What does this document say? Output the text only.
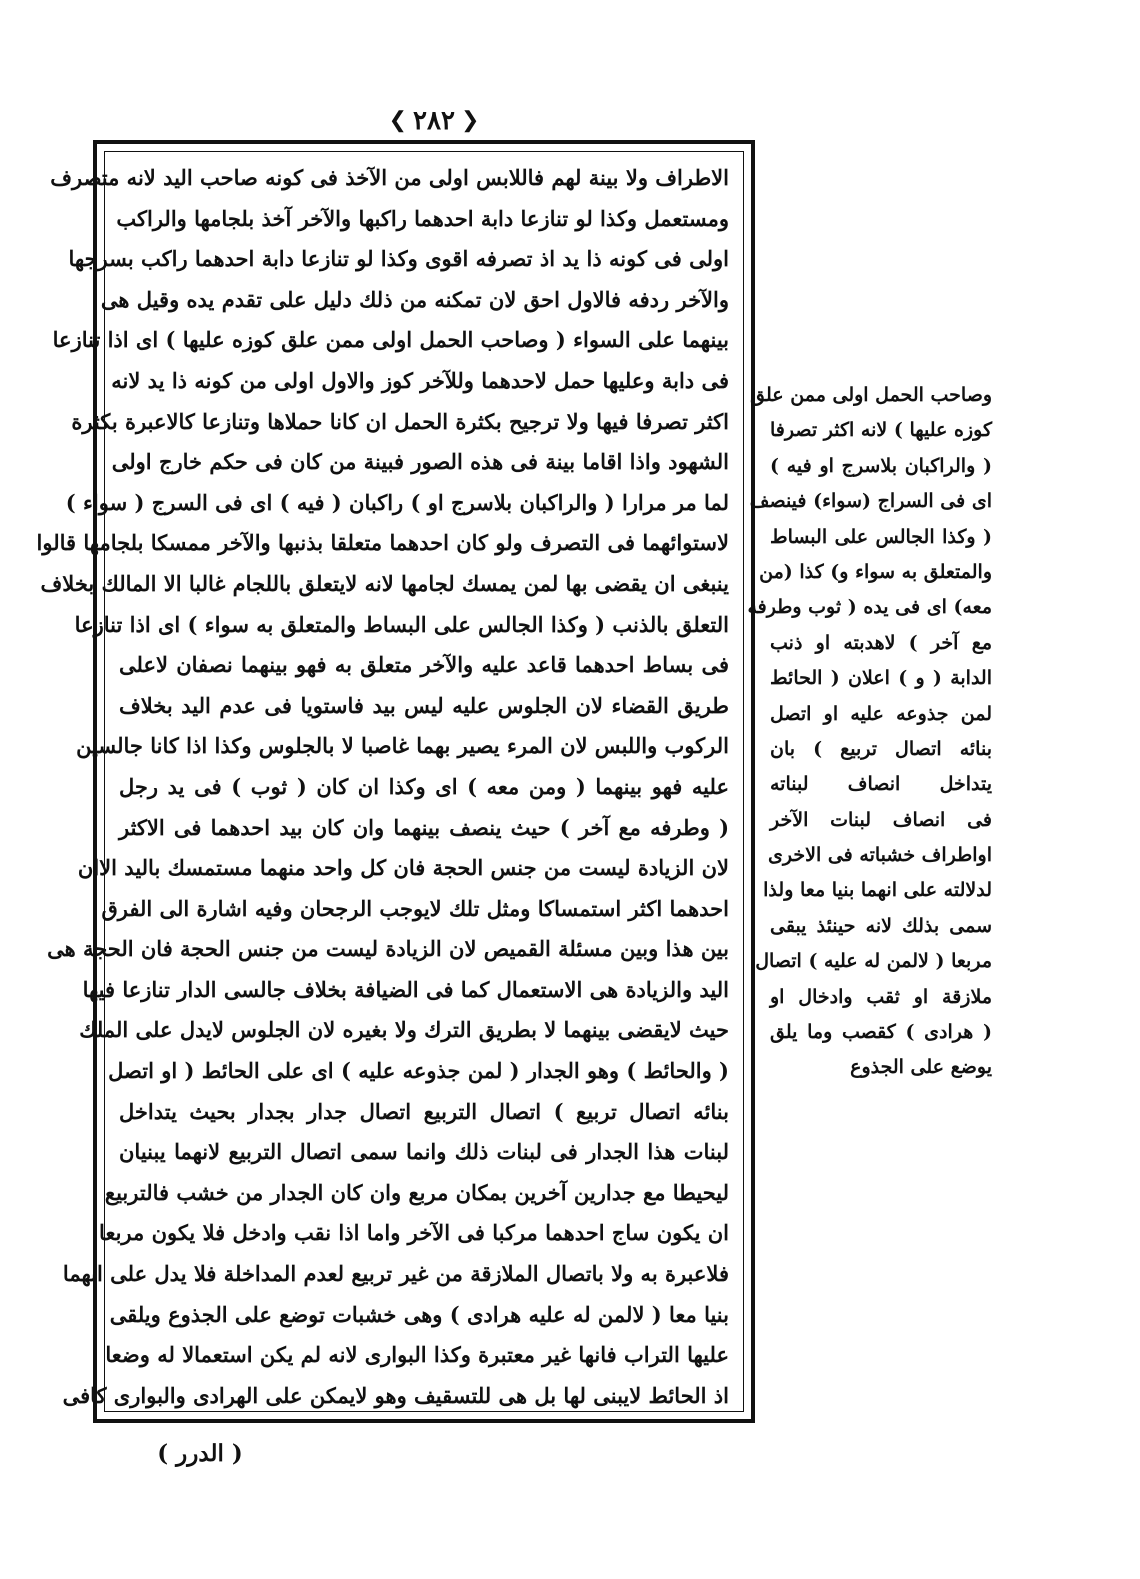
❮ ٢٨٢ ❯
الاطراف ولا بينة لهم فاللابس اولى من الآخذ فى كونه صاحب اليد لانه متصرف
ومستعمل وكذا لو تنازعا دابة احدهما راكبها والآخر آخذ بلجامها والراكب
اولى فى كونه ذا يد اذ تصرفه اقوى وكذا لو تنازعا دابة احدهما راكب بسرجها
والآخر ردفه فالاول احق لان تمكنه من ذلك دليل على تقدم يده وقيل هى
بينهما على السواء ( وصاحب الحمل اولى ممن علق كوزه عليها ) اى اذا تنازعا
فى دابة وعليها حمل لاحدهما وللآخر كوز والاول اولى من كونه ذا يد لانه
اكثر تصرفا فيها ولا ترجيح بكثرة الحمل ان كانا حملاها وتنازعا كالاعبرة بكثرة
الشهود واذا اقاما بينة فى هذه الصور فبينة من كان فى حكم خارج اولى
لما مر مرارا ( والراكبان بلاسرج او ) راكبان ( فيه ) اى فى السرج ( سواء )
لاستوائهما فى التصرف ولو كان احدهما متعلقا بذنبها والآخر ممسكا بلجامها قالوا
ينبغى ان يقضى بها لمن يمسك لجامها لانه لايتعلق باللجام غالبا الا المالك بخلاف
التعلق بالذنب ( وكذا الجالس على البساط والمتعلق به سواء ) اى اذا تنازعا
فى بساط احدهما قاعد عليه والآخر متعلق به فهو بينهما نصفان لاعلى
طريق القضاء لان الجلوس عليه ليس بيد فاستويا فى عدم اليد بخلاف
الركوب واللبس لان المرء يصير بهما غاصبا لا بالجلوس وكذا اذا كانا جالسين
عليه فهو بينهما ( ومن معه ) اى وكذا ان كان ( ثوب ) فى يد رجل
( وطرفه مع آخر ) حيث ينصف بينهما وان كان بيد احدهما فى الاكثر
لان الزيادة ليست من جنس الحجة فان كل واحد منهما مستمسك باليد الاان
احدهما اكثر استمساكا ومثل تلك لايوجب الرجحان وفيه اشارة الى الفرق
بين هذا وبين مسئلة القميص لان الزيادة ليست من جنس الحجة فان الحجة هى
اليد والزيادة هى الاستعمال كما فى الضيافة بخلاف جالسى الدار تنازعا فيها
حيث لايقضى بينهما لا بطريق الترك ولا بغيره لان الجلوس لايدل على الملك
( والحائط ) وهو الجدار ( لمن جذوعه عليه ) اى على الحائط ( او اتصل
بنائه اتصال تربيع ) اتصال التربيع اتصال جدار بجدار بحيث يتداخل
لبنات هذا الجدار فى لبنات ذلك وانما سمى اتصال التربيع لانهما يبنيان
ليحيطا مع جدارين آخرين بمكان مربع وان كان الجدار من خشب فالتربيع
ان يكون ساج احدهما مركبا فى الآخر واما اذا نقب وادخل فلا يكون مربعا
فلاعبرة به ولا باتصال الملازقة من غير تربيع لعدم المداخلة فلا يدل على انهما
بنيا معا ( لالمن له عليه هرادى ) وهى خشبات توضع على الجذوع ويلقى
عليها التراب فانها غير معتبرة وكذا البوارى لانه لم يكن استعمالا له وضعا
اذ الحائط لايبنى لها بل هى للتسقيف وهو لايمكن على الهرادى والبوارى كافى
وصاحب الحمل اولى ممن علق
كوزه عليها ) لانه اكثر تصرفا
( والراكبان بلاسرج او فيه )
اى فى السراج (سواء) فينصف
( وكذا الجالس على البساط
والمتعلق به سواء و) كذا (من
معه) اى فى يده ( ثوب وطرفه
مع آخر ) لاهدبته او ذنب
الدابة ( و ) اعلان ( الحائط
لمن جذوعه عليه او اتصل
بنائه اتصال تربيع ) بان
يتداخل انصاف لبناته
فى انصاف لبنات الآخر
اواطراف خشباته فى الاخرى
لدلالته على انهما بنيا معا ولذا
سمى بذلك لانه حينئذ يبقى
مربعا ( لالمن له عليه ) اتصال
ملازقة او ثقب وادخال او
( هرادى ) كقصب وما يلق
يوضع على الجذوع
( الدرر )
